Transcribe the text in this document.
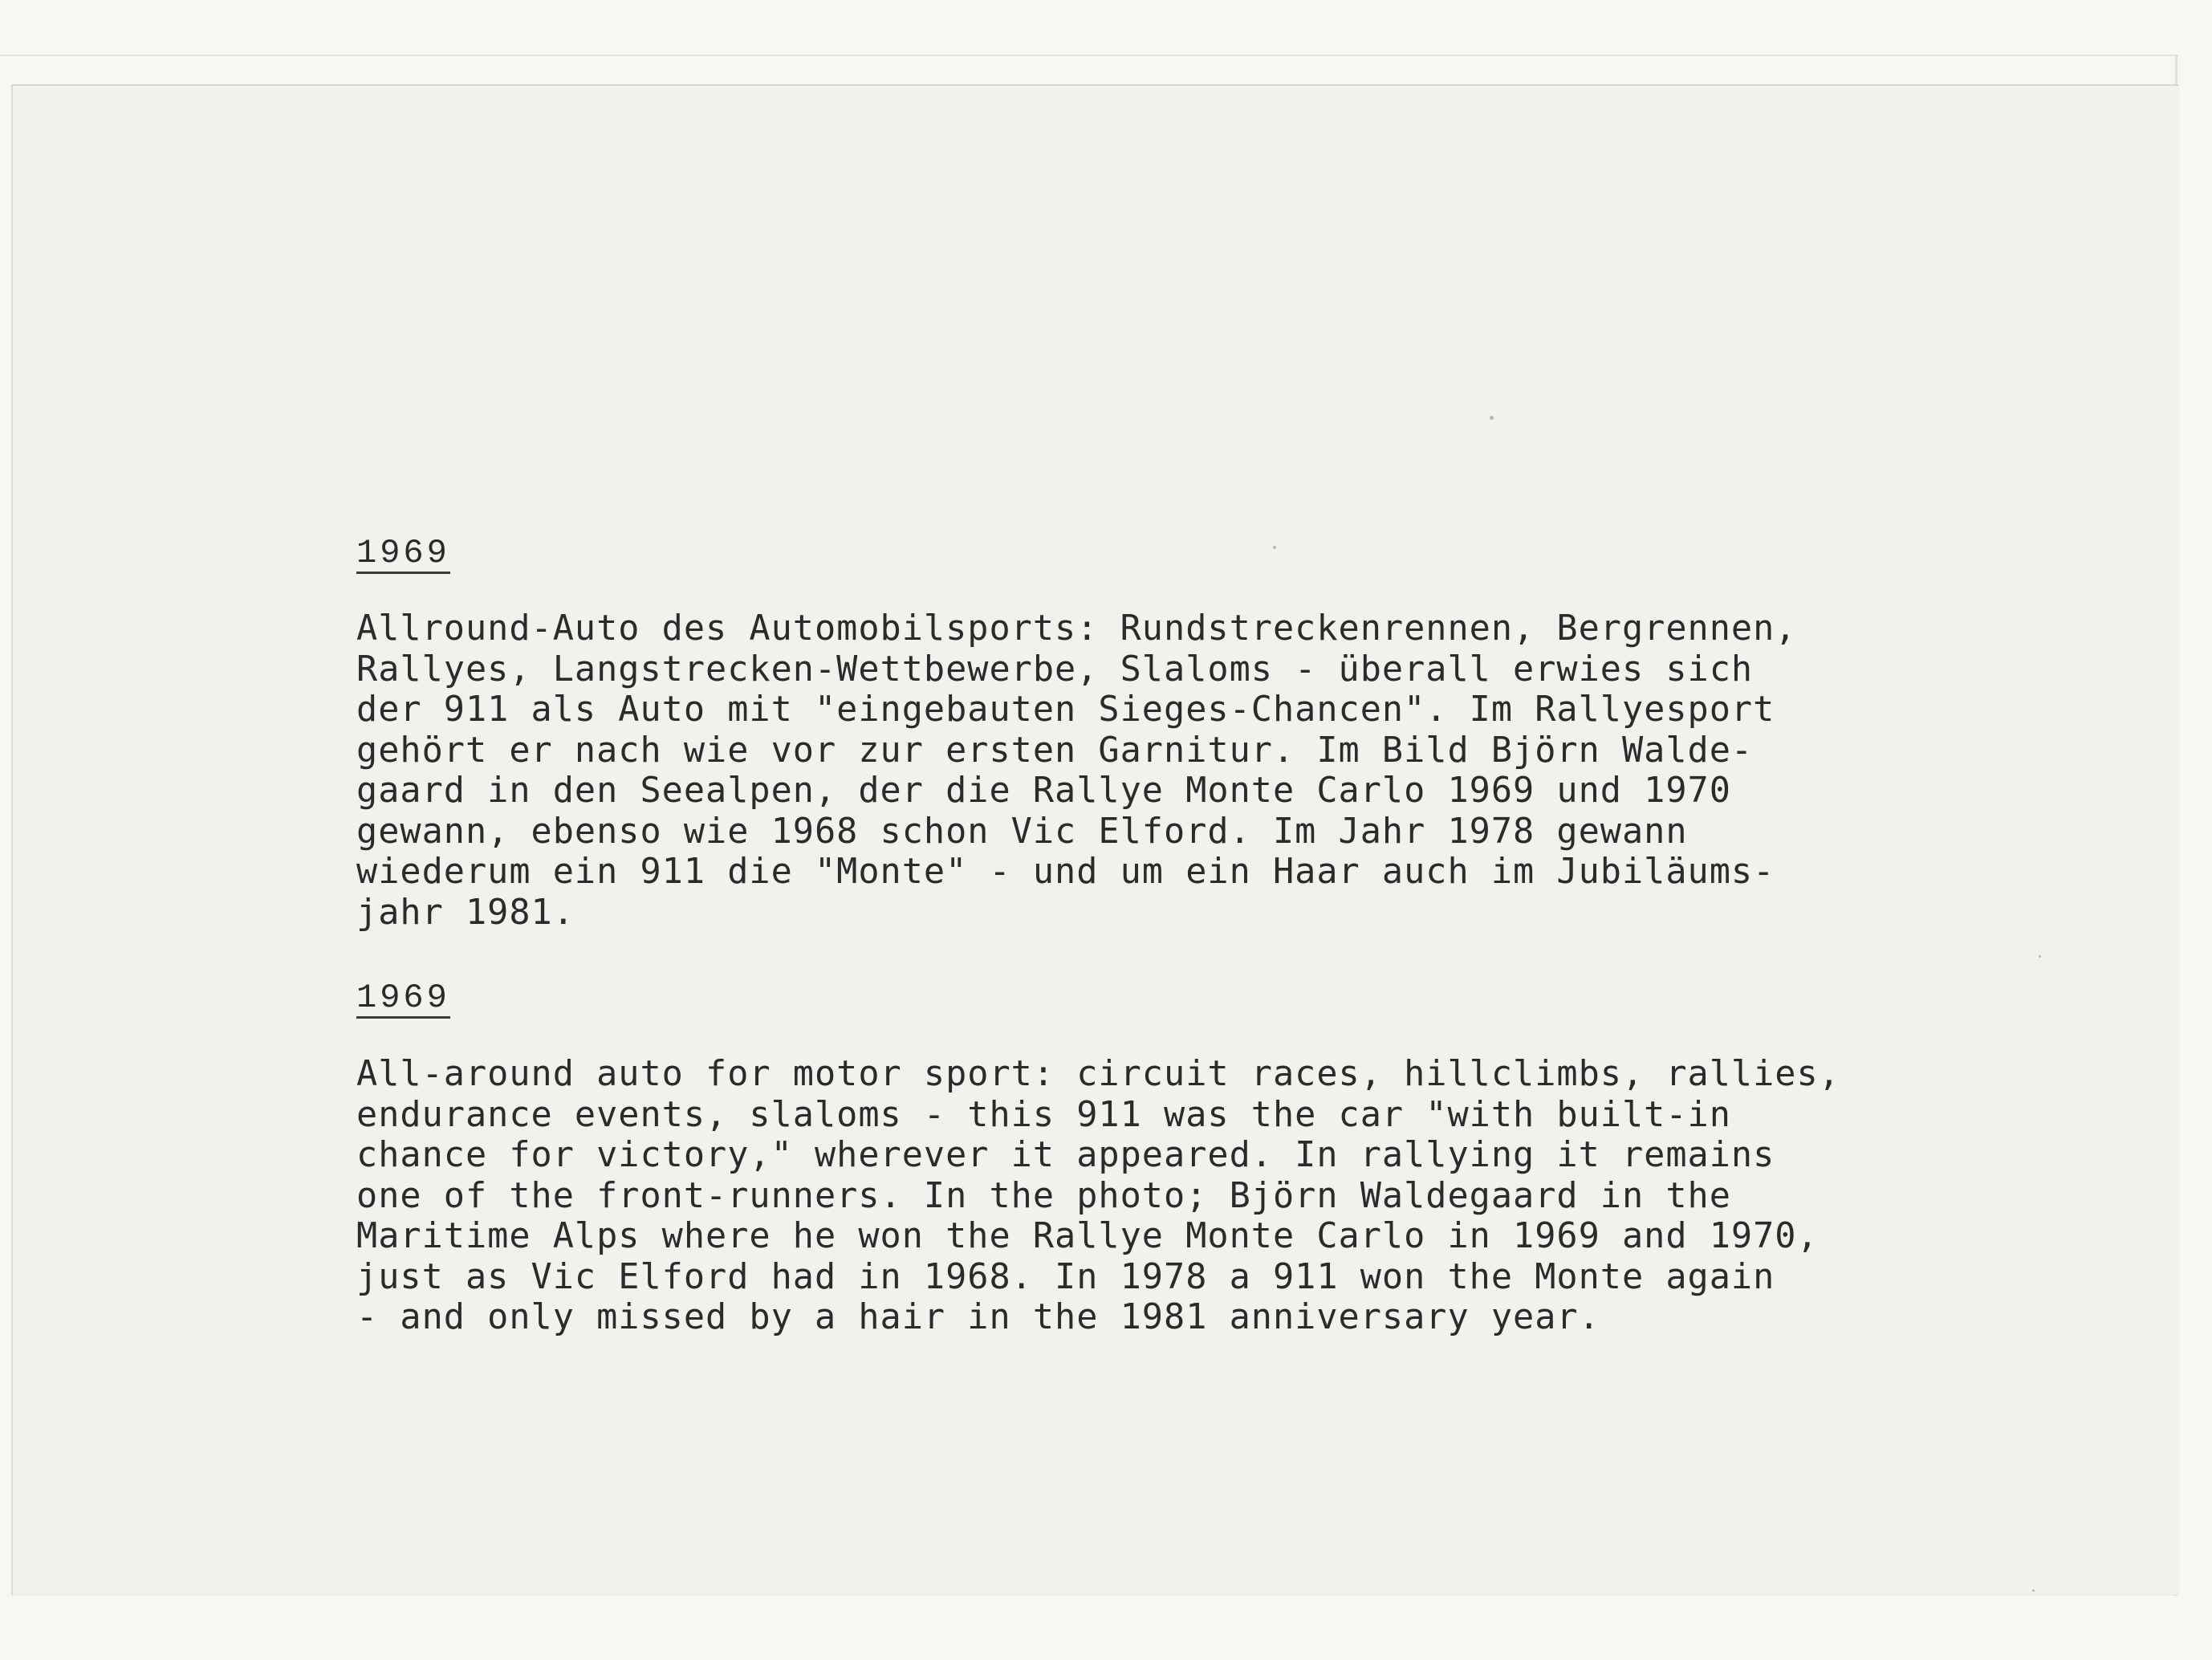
1969
Allround-Auto des Automobilsports: Rundstreckenrennen, Bergrennen,
Rallyes, Langstrecken-Wettbewerbe, Slaloms - überall erwies sich
der 911 als Auto mit "eingebauten Sieges-Chancen". Im Rallyesport
gehört er nach wie vor zur ersten Garnitur. Im Bild Björn Walde-
gaard in den Seealpen, der die Rallye Monte Carlo 1969 und 1970
gewann, ebenso wie 1968 schon Vic Elford. Im Jahr 1978 gewann
wiederum ein 911 die "Monte" - und um ein Haar auch im Jubiläums-
jahr 1981.
1969
All-around auto for motor sport: circuit races, hillclimbs, rallies,
endurance events, slaloms - this 911 was the car "with built-in
chance for victory," wherever it appeared. In rallying it remains
one of the front-runners. In the photo; Björn Waldegaard in the
Maritime Alps where he won the Rallye Monte Carlo in 1969 and 1970,
just as Vic Elford had in 1968. In 1978 a 911 won the Monte again
- and only missed by a hair in the 1981 anniversary year.
